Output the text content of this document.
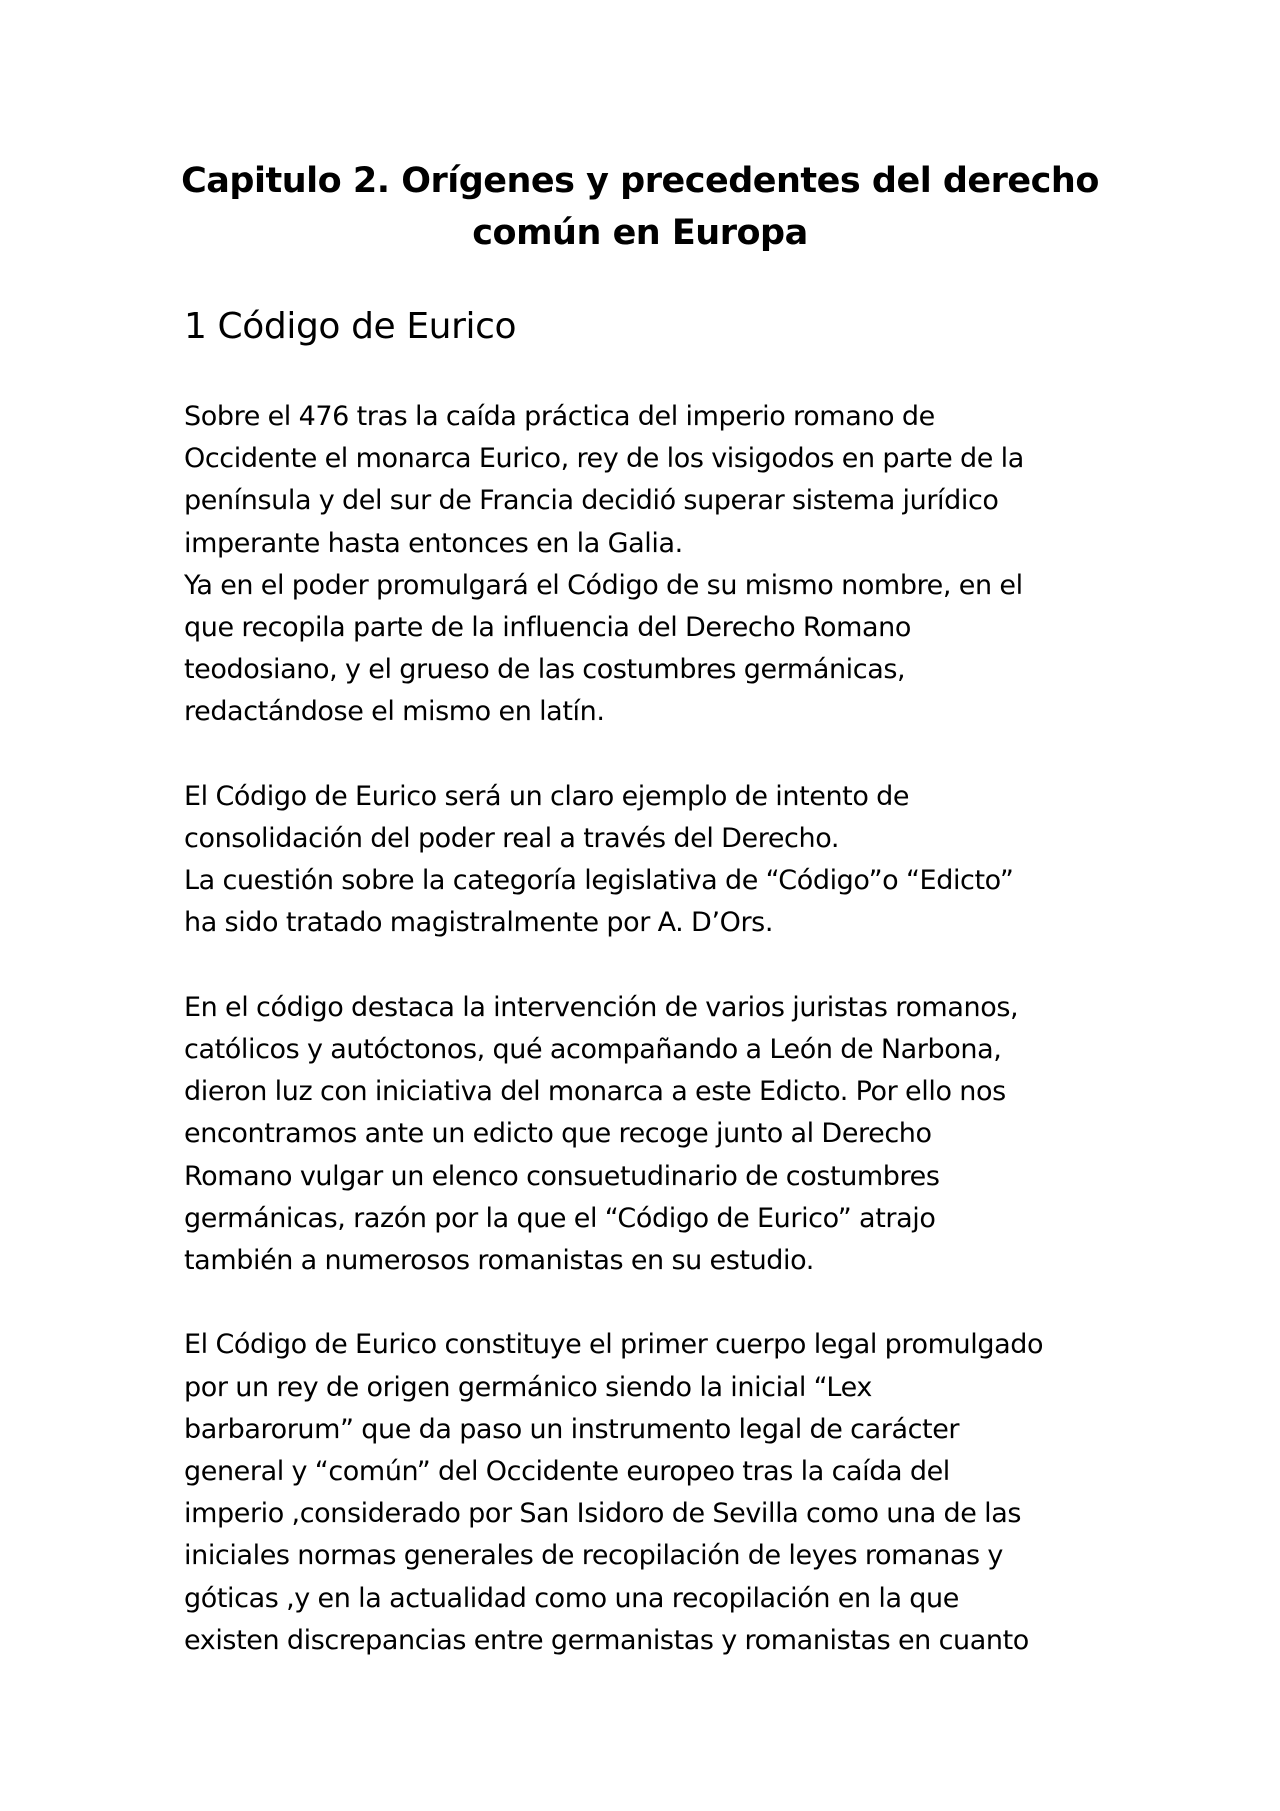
Capitulo 2. Orígenes y precedentes del derecho
común en Europa
1 Código de Eurico

Sobre el 476 tras la caída práctica del imperio romano de
Occidente el monarca Eurico, rey de los visigodos en parte de la
península y del sur de Francia decidió superar sistema jurídico
imperante hasta entonces en la Galia.
Ya en el poder promulgará el Código de su mismo nombre, en el
que recopila parte de la influencia del Derecho Romano
teodosiano, y el grueso de las costumbres germánicas,
redactándose el mismo en latín.

El Código de Eurico será un claro ejemplo de intento de
consolidación del poder real a través del Derecho.
La cuestión sobre la categoría legislativa de “Código”o “Edicto”
ha sido tratado magistralmente por A. D’Ors.

En el código destaca la intervención de varios juristas romanos,
católicos y autóctonos, qué acompañando a León de Narbona,
dieron luz con iniciativa del monarca a este Edicto. Por ello nos
encontramos ante un edicto que recoge junto al Derecho
Romano vulgar un elenco consuetudinario de costumbres
germánicas, razón por la que el “Código de Eurico” atrajo
también a numerosos romanistas en su estudio.

El Código de Eurico constituye el primer cuerpo legal promulgado
por un rey de origen germánico siendo la inicial “Lex
barbarorum” que da paso un instrumento legal de carácter
general y “común” del Occidente europeo tras la caída del
imperio ,considerado por San Isidoro de Sevilla como una de las
iniciales normas generales de recopilación de leyes romanas y
góticas ,y en la actualidad como una recopilación en la que
existen discrepancias entre germanistas y romanistas en cuanto
